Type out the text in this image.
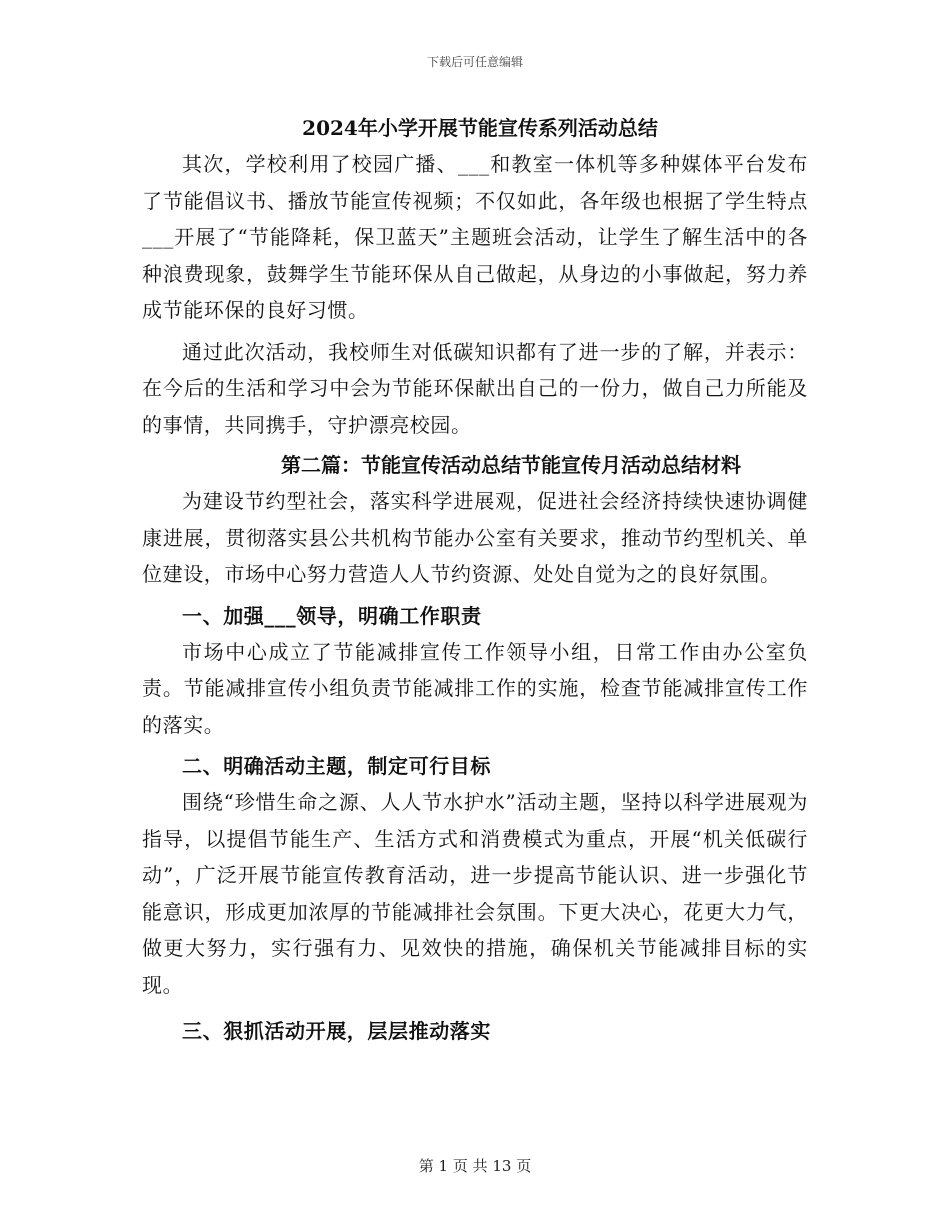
下载后可任意编辑
2024年小学开展节能宣传系列活动总结

其次，学校利用了校园广播、___和教室一体机等多种媒体平台发布了节能倡议书、播放节能宣传视频；不仅如此，各年级也根据了学生特点___开展了“节能降耗，保卫蓝天”主题班会活动，让学生了解生活中的各种浪费现象，鼓舞学生节能环保从自己做起，从身边的小事做起，努力养成节能环保的良好习惯。

通过此次活动，我校师生对低碳知识都有了进一步的了解，并表示：在今后的生活和学习中会为节能环保献出自己的一份力，做自己力所能及的事情，共同携手，守护漂亮校园。

第二篇：节能宣传活动总结节能宣传月活动总结材料

为建设节约型社会，落实科学进展观，促进社会经济持续快速协调健康进展，贯彻落实县公共机构节能办公室有关要求，推动节约型机关、单位建设，市场中心努力营造人人节约资源、处处自觉为之的良好氛围。

一、加强___领导，明确工作职责

市场中心成立了节能减排宣传工作领导小组，日常工作由办公室负责。节能减排宣传小组负责节能减排工作的实施，检查节能减排宣传工作的落实。

二、明确活动主题，制定可行目标

围绕“珍惜生命之源、人人节水护水”活动主题，坚持以科学进展观为指导，以提倡节能生产、生活方式和消费模式为重点，开展“机关低碳行动”，广泛开展节能宣传教育活动，进一步提高节能认识、进一步强化节能意识，形成更加浓厚的节能减排社会氛围。下更大决心，花更大力气，做更大努力，实行强有力、见效快的措施，确保机关节能减排目标的实现。

三、狠抓活动开展，层层推动落实
第 1 页 共 13 页
